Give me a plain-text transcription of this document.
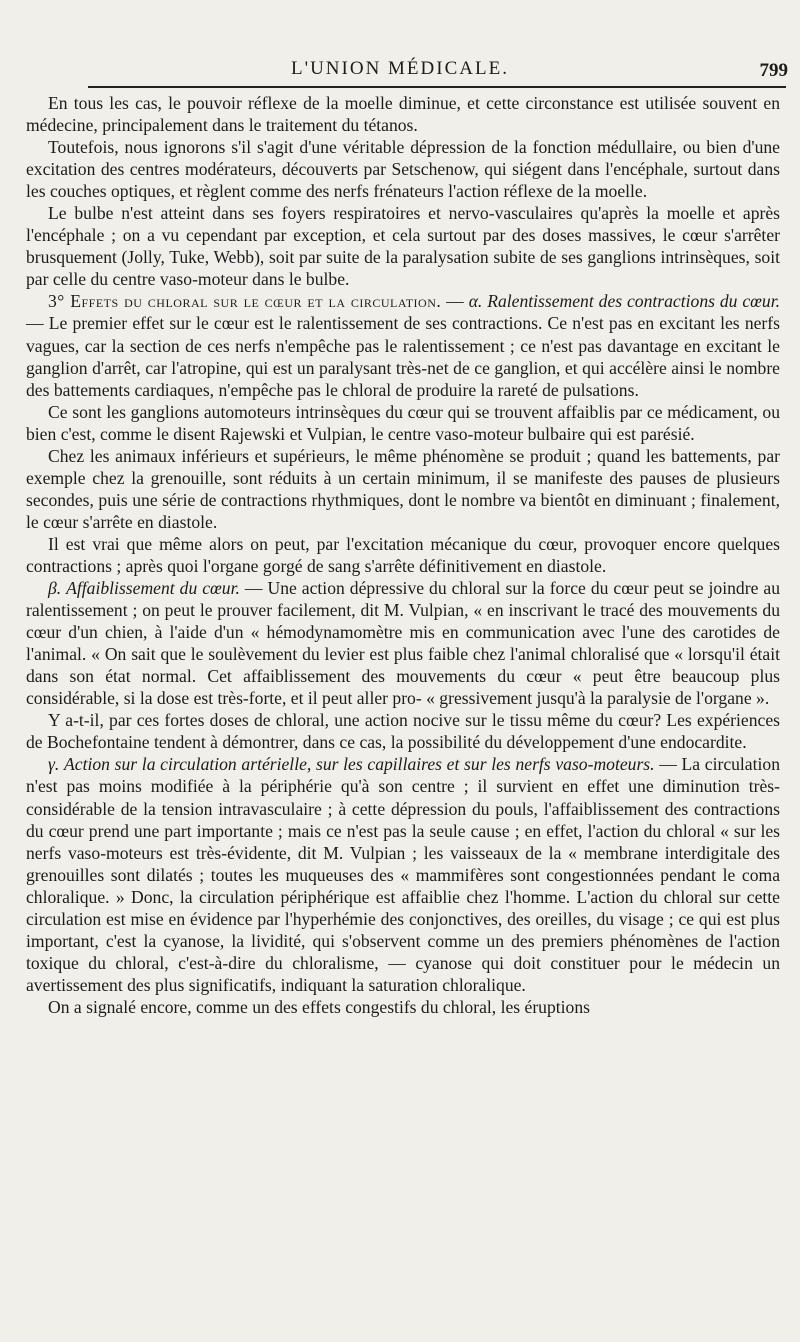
L'UNION MÉDICALE.	799

En tous les cas, le pouvoir réflexe de la moelle diminue, et cette circonstance est utilisée souvent en médecine, principalement dans le traitement du tétanos.

Toutefois, nous ignorons s'il s'agit d'une véritable dépression de la fonction médullaire, ou bien d'une excitation des centres modérateurs, découverts par Setschenow, qui siégent dans l'encéphale, surtout dans les couches optiques, et règlent comme des nerfs frénateurs l'action réflexe de la moelle.

Le bulbe n'est atteint dans ses foyers respiratoires et nervo-vasculaires qu'après la moelle et après l'encéphale ; on a vu cependant par exception, et cela surtout par des doses massives, le cœur s'arrêter brusquement (Jolly, Tuke, Webb), soit par suite de la paralysation subite de ses ganglions intrinsèques, soit par celle du centre vaso-moteur dans le bulbe.

3° Effets du chloral sur le cœur et la circulation. — α. Ralentissement des contractions du cœur. — Le premier effet sur le cœur est le ralentissement de ses contractions. Ce n'est pas en excitant les nerfs vagues, car la section de ces nerfs n'empêche pas le ralentissement ; ce n'est pas davantage en excitant le ganglion d'arrêt, car l'atropine, qui est un paralysant très-net de ce ganglion, et qui accélère ainsi le nombre des battements cardiaques, n'empêche pas le chloral de produire la rareté de pulsations.

Ce sont les ganglions automoteurs intrinsèques du cœur qui se trouvent affaiblis par ce médicament, ou bien c'est, comme le disent Rajewski et Vulpian, le centre vaso-moteur bulbaire qui est parésié.

Chez les animaux inférieurs et supérieurs, le même phénomène se produit ; quand les battements, par exemple chez la grenouille, sont réduits à un certain minimum, il se manifeste des pauses de plusieurs secondes, puis une série de contractions rhythmiques, dont le nombre va bientôt en diminuant ; finalement, le cœur s'arrête en diastole.

Il est vrai que même alors on peut, par l'excitation mécanique du cœur, provoquer encore quelques contractions ; après quoi l'organe gorgé de sang s'arrête définitivement en diastole.

β. Affaiblissement du cœur. — Une action dépressive du chloral sur la force du cœur peut se joindre au ralentissement ; on peut le prouver facilement, dit M. Vulpian, « en inscrivant le tracé des mouvements du cœur d'un chien, à l'aide d'un « hémodynamomètre mis en communication avec l'une des carotides de l'animal. « On sait que le soulèvement du levier est plus faible chez l'animal chloralisé que « lorsqu'il était dans son état normal. Cet affaiblissement des mouvements du cœur « peut être beaucoup plus considérable, si la dose est très-forte, et il peut aller pro- « gressivement jusqu'à la paralysie de l'organe ».

Y a-t-il, par ces fortes doses de chloral, une action nocive sur le tissu même du cœur? Les expériences de Bochefontaine tendent à démontrer, dans ce cas, la possibilité du développement d'une endocardite.

γ. Action sur la circulation artérielle, sur les capillaires et sur les nerfs vaso-moteurs. — La circulation n'est pas moins modifiée à la périphérie qu'à son centre ; il survient en effet une diminution très-considérable de la tension intravasculaire ; à cette dépression du pouls, l'affaiblissement des contractions du cœur prend une part importante ; mais ce n'est pas la seule cause ; en effet, l'action du chloral « sur les nerfs vaso-moteurs est très-évidente, dit M. Vulpian ; les vaisseaux de la « membrane interdigitale des grenouilles sont dilatés ; toutes les muqueuses des « mammifères sont congestionnées pendant le coma chloralique. » Donc, la circulation périphérique est affaiblie chez l'homme. L'action du chloral sur cette circulation est mise en évidence par l'hyperhémie des conjonctives, des oreilles, du visage ; ce qui est plus important, c'est la cyanose, la lividité, qui s'observent comme un des premiers phénomènes de l'action toxique du chloral, c'est-à-dire du chloralisme, — cyanose qui doit constituer pour le médecin un avertissement des plus significatifs, indiquant la saturation chloralique.

On a signalé encore, comme un des effets congestifs du chloral, les éruptions
